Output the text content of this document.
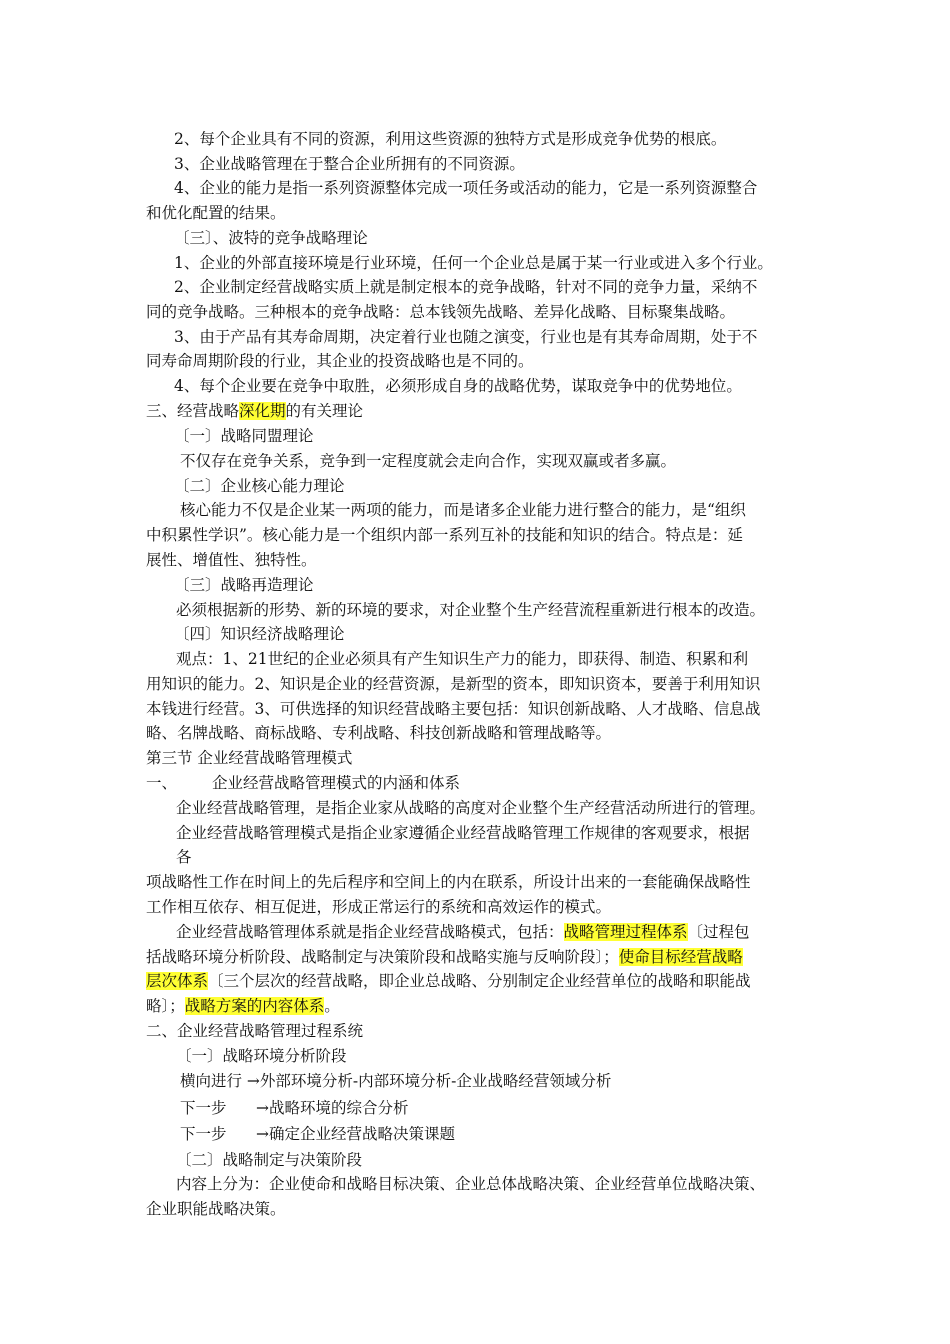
2、每个企业具有不同的资源，利用这些资源的独特方式是形成竞争优势的根底。
3、企业战略管理在于整合企业所拥有的不同资源。
4、企业的能力是指一系列资源整体完成一项任务或活动的能力，它是一系列资源整合
和优化配置的结果。
〔三〕、波特的竞争战略理论
1、企业的外部直接环境是行业环境，任何一个企业总是属于某一行业或进入多个行业。
2、企业制定经营战略实质上就是制定根本的竞争战略，针对不同的竞争力量，采纳不
同的竞争战略。三种根本的竞争战略：总本钱领先战略、差异化战略、目标聚集战略。
3、由于产品有其寿命周期，决定着行业也随之演变，行业也是有其寿命周期，处于不
同寿命周期阶段的行业，其企业的投资战略也是不同的。
4、每个企业要在竞争中取胜，必须形成自身的战略优势，谋取竞争中的优势地位。
三、经营战略深化期的有关理论
〔一〕战略同盟理论
不仅存在竞争关系，竞争到一定程度就会走向合作，实现双赢或者多赢。
〔二〕企业核心能力理论
核心能力不仅是企业某一两项的能力，而是诸多企业能力进行整合的能力，是“组织
中积累性学识”。核心能力是一个组织内部一系列互补的技能和知识的结合。特点是：延
展性、增值性、独特性。
〔三〕战略再造理论
必须根据新的形势、新的环境的要求，对企业整个生产经营流程重新进行根本的改造。
〔四〕知识经济战略理论
观点：1、21世纪的企业必须具有产生知识生产力的能力，即获得、制造、积累和利
用知识的能力。2、知识是企业的经营资源，是新型的资本，即知识资本，要善于利用知识
本钱进行经营。3、可供选择的知识经营战略主要包括：知识创新战略、人才战略、信息战
略、名牌战略、商标战略、专利战略、科技创新战略和管理战略等。
第三节 企业经营战略管理模式
一、 企业经营战略管理模式的内涵和体系
企业经营战略管理，是指企业家从战略的高度对企业整个生产经营活动所进行的管理。
企业经营战略管理模式是指企业家遵循企业经营战略管理工作规律的客观要求，根据
各
项战略性工作在时间上的先后程序和空间上的内在联系，所设计出来的一套能确保战略性
工作相互依存、相互促进，形成正常运行的系统和高效运作的模式。
企业经营战略管理体系就是指企业经营战略模式，包括：战略管理过程体系〔过程包
括战略环境分析阶段、战略制定与决策阶段和战略实施与反响阶段〕；使命目标经营战略
层次体系〔三个层次的经营战略，即企业总战略、分别制定企业经营单位的战略和职能战
略〕；战略方案的内容体系。
二、企业经营战略管理过程系统
〔一〕战略环境分析阶段
横向进行 →外部环境分析-内部环境分析-企业战略经营领域分析
下一步 →战略环境的综合分析
下一步 →确定企业经营战略决策课题
〔二〕战略制定与决策阶段
内容上分为：企业使命和战略目标决策、企业总体战略决策、企业经营单位战略决策、
企业职能战略决策。
